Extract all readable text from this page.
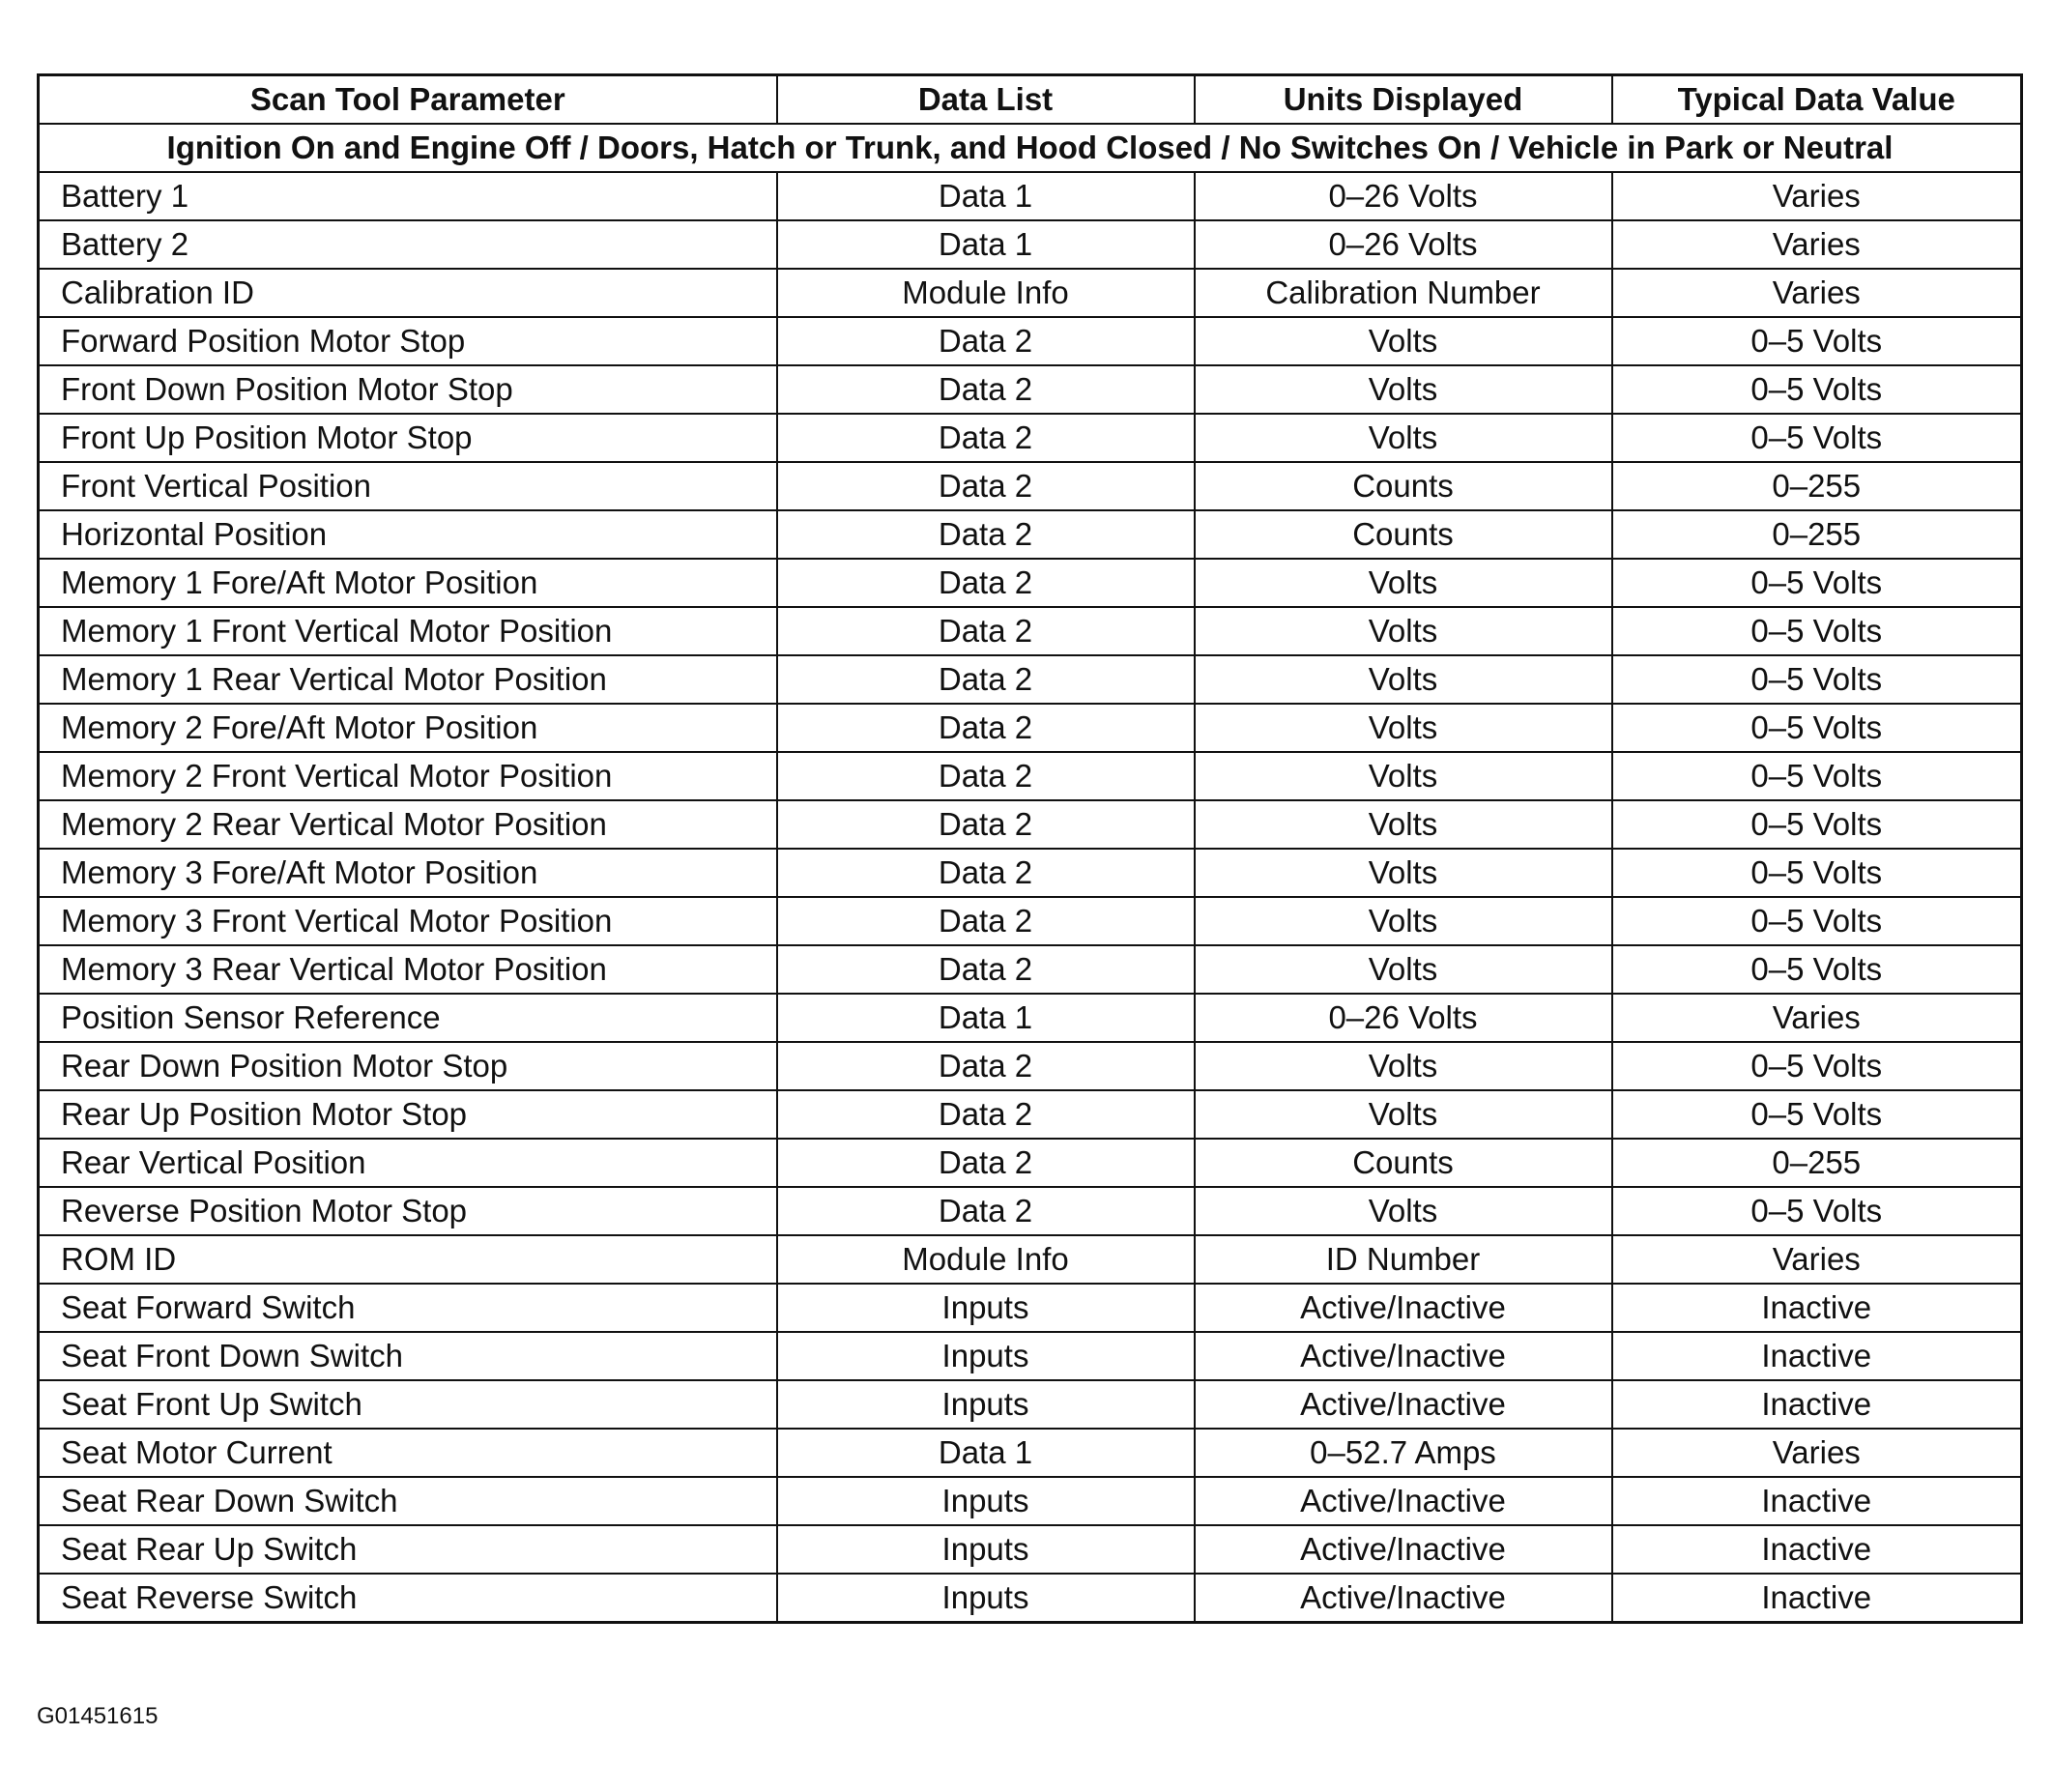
Scan Tool Parameter	Data List	Units Displayed	Typical Data Value
Ignition On and Engine Off / Doors, Hatch or Trunk, and Hood Closed / No Switches On / Vehicle in Park or Neutral			
Battery 1	Data 1	0–26 Volts	Varies
Battery 2	Data 1	0–26 Volts	Varies
Calibration ID	Module Info	Calibration Number	Varies
Forward Position Motor Stop	Data 2	Volts	0–5 Volts
Front Down Position Motor Stop	Data 2	Volts	0–5 Volts
Front Up Position Motor Stop	Data 2	Volts	0–5 Volts
Front Vertical Position	Data 2	Counts	0–255
Horizontal Position	Data 2	Counts	0–255
Memory 1 Fore/Aft Motor Position	Data 2	Volts	0–5 Volts
Memory 1 Front Vertical Motor Position	Data 2	Volts	0–5 Volts
Memory 1 Rear Vertical Motor Position	Data 2	Volts	0–5 Volts
Memory 2 Fore/Aft Motor Position	Data 2	Volts	0–5 Volts
Memory 2 Front Vertical Motor Position	Data 2	Volts	0–5 Volts
Memory 2 Rear Vertical Motor Position	Data 2	Volts	0–5 Volts
Memory 3 Fore/Aft Motor Position	Data 2	Volts	0–5 Volts
Memory 3 Front Vertical Motor Position	Data 2	Volts	0–5 Volts
Memory 3 Rear Vertical Motor Position	Data 2	Volts	0–5 Volts
Position Sensor Reference	Data 1	0–26 Volts	Varies
Rear Down Position Motor Stop	Data 2	Volts	0–5 Volts
Rear Up Position Motor Stop	Data 2	Volts	0–5 Volts
Rear Vertical Position	Data 2	Counts	0–255
Reverse Position Motor Stop	Data 2	Volts	0–5 Volts
ROM ID	Module Info	ID Number	Varies
Seat Forward Switch	Inputs	Active/Inactive	Inactive
Seat Front Down Switch	Inputs	Active/Inactive	Inactive
Seat Front Up Switch	Inputs	Active/Inactive	Inactive
Seat Motor Current	Data 1	0–52.7 Amps	Varies
Seat Rear Down Switch	Inputs	Active/Inactive	Inactive
Seat Rear Up Switch	Inputs	Active/Inactive	Inactive
Seat Reverse Switch	Inputs	Active/Inactive	Inactive
G01451615
